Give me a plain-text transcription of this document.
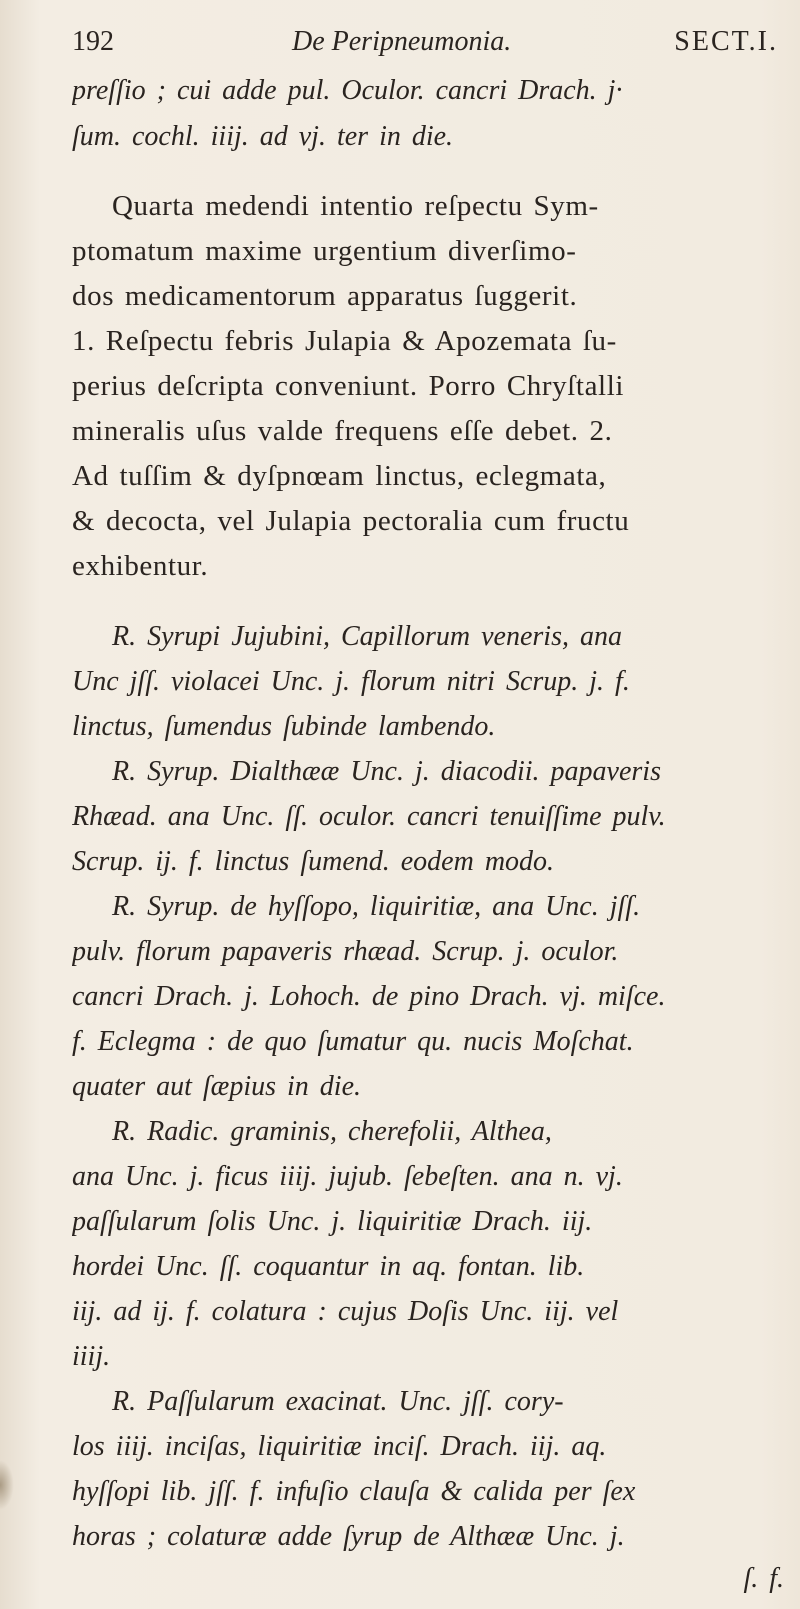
192	De Peripneumonia.	SECT.I.
preſſio ; cui adde pul. Oculor. cancri Drach. j·
ſum. cochl. iiij. ad vj. ter in die.
Quarta medendi intentio reſpectu Sym-
ptomatum maxime urgentium diverſimo-
dos medicamentorum apparatus ſuggerit.
1. Reſpectu febris Julapia & Apozemata ſu-
perius deſcripta conveniunt. Porro Chryſtalli
mineralis uſus valde frequens eſſe debet. 2.
Ad tuſſim & dyſpnœam linctus, eclegmata,
& decocta, vel Julapia pectoralia cum fructu
exhibentur.
R. Syrupi Jujubini, Capillorum veneris, ana
Unc jſſ. violacei Unc. j. florum nitri Scrup. j. f.
linctus, ſumendus ſubinde lambendo.
R. Syrup. Dialthææ Unc. j. diacodii. papaveris
Rhæad. ana Unc. ſſ. oculor. cancri tenuiſſime pulv.
Scrup. ij. f. linctus ſumend. eodem modo.
R. Syrup. de hyſſopo, liquiritiæ, ana Unc. jſſ.
pulv. florum papaveris rhæad. Scrup. j. oculor.
cancri Drach. j. Lohoch. de pino Drach. vj. miſce.
f. Eclegma : de quo ſumatur qu. nucis Moſchat.
quater aut ſæpius in die.
R. Radic. graminis, cherefolii, Althea,
ana Unc. j. ficus iiij. jujub. ſebeſten. ana n. vj.
paſſularum ſolis Unc. j. liquiritiæ Drach. iij.
hordei Unc. ſſ. coquantur in aq. fontan. lib.
iij. ad ij. f. colatura : cujus Doſis Unc. iij. vel
iiij.
R. Paſſularum exacinat. Unc. jſſ. cory-
los iiij. inciſas, liquiritiæ inciſ. Drach. iij. aq.
hyſſopi lib. jſſ. f. infuſio clauſa & calida per ſex
horas ; colaturæ adde ſyrup de Althææ Unc. j.
ſ. f.
